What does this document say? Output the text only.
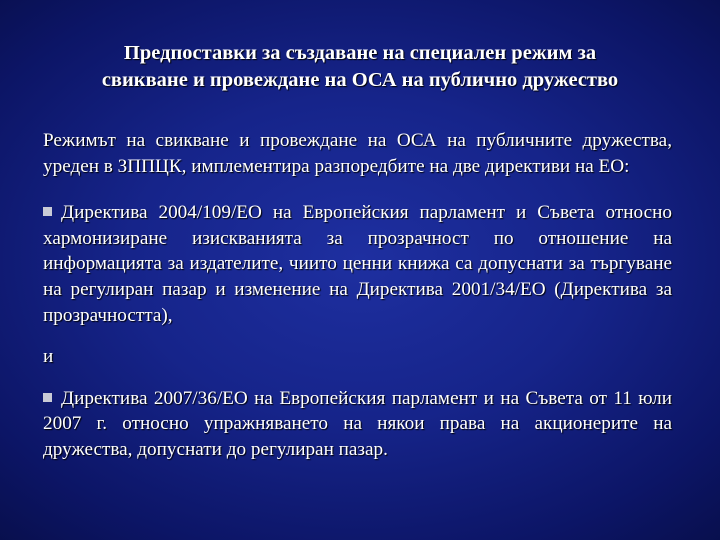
Предпоставки за създаване на специален режим за
свикване и провеждане на ОСА на публично дружество

Режимът на свикване и провеждане на ОСА на публичните дружества, уреден в ЗППЦК, имплементира разпоредбите на две директиви на ЕО:

Директива 2004/109/ЕО на Европейския парламент и Съвета относно хармонизиране изискванията за прозрачност по отношение на информацията за издателите, чиито ценни книжа са допуснати за търгуване на регулиран пазар и изменение на Директива 2001/34/ЕО (Директива за прозрачността),

и

Директива 2007/36/ЕО на Европейския парламент и на Съвета от 11 юли 2007 г. относно упражняването на някои права на акционерите на дружества, допуснати до регулиран пазар.
